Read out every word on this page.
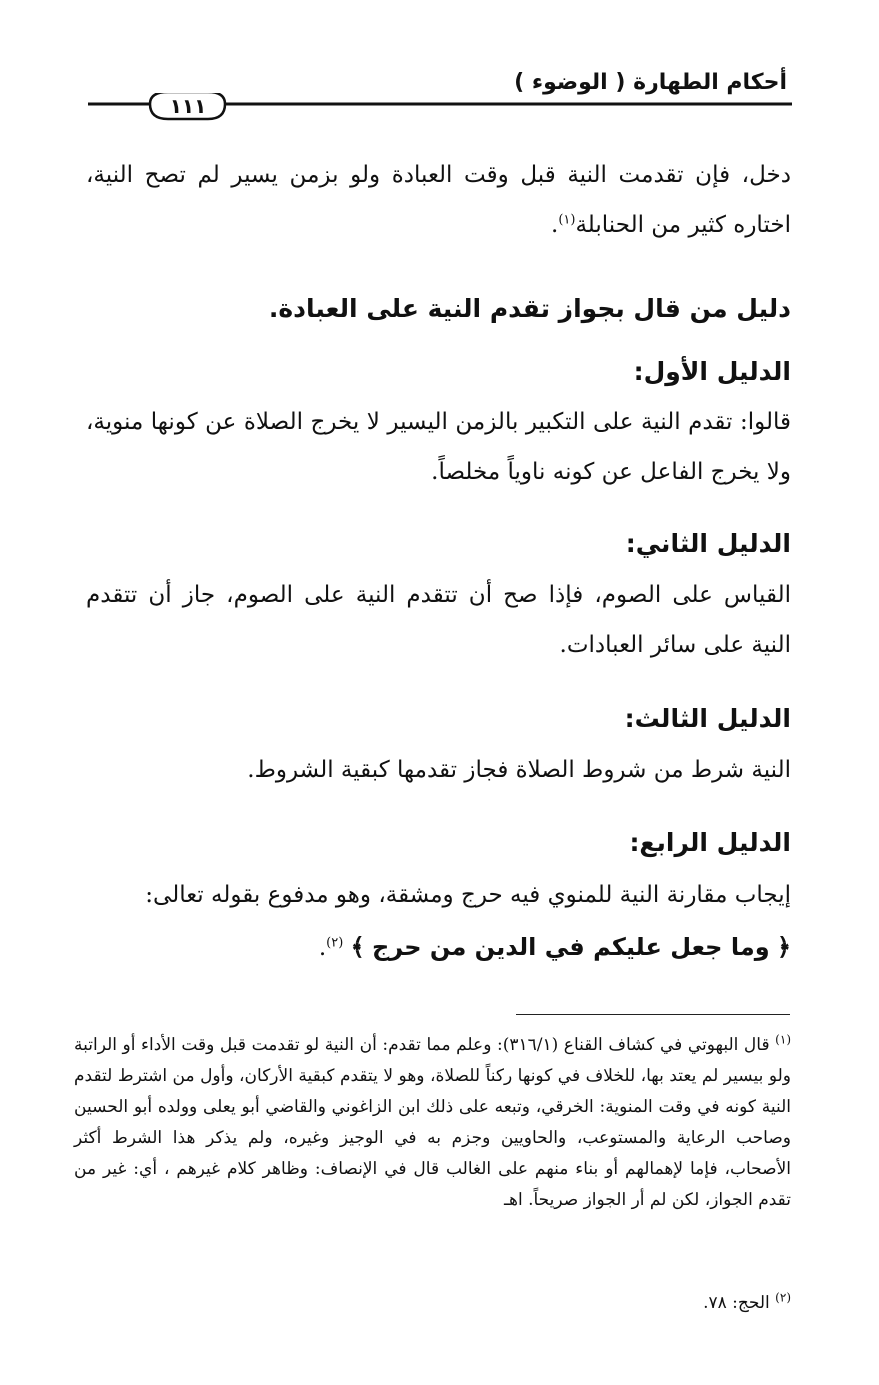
أحكام الطهارة ( الوضوء )
١١١
دخل، فإن تقدمت النية قبل وقت العبادة ولو بزمن يسير لم تصح النية، اختاره كثير من الحنابلة$^{(١)}$.
دليل من قال بجواز تقدم النية على العبادة.
الدليل الأول:
قالوا: تقدم النية على التكبير بالزمن اليسير لا يخرج الصلاة عن كونها منوية، ولا يخرج الفاعل عن كونه ناوياً مخلصاً.
الدليل الثاني:
القياس على الصوم، فإذا صح أن تتقدم النية على الصوم، جاز أن تتقدم النية على سائر العبادات.
الدليل الثالث:
النية شرط من شروط الصلاة فجاز تقدمها كبقية الشروط.
الدليل الرابع:
إيجاب مقارنة النية للمنوي فيه حرج ومشقة، وهو مدفوع بقوله تعالى:
﴿ وما جعل عليكم في الدين من حرج ﴾ $^{(٢)}$.
$^{(١)}$ قال البهوتي في كشاف القناع (٣١٦/١): وعلم مما تقدم: أن النية لو تقدمت قبل وقت الأداء أو الراتبة ولو بيسير لم يعتد بها، للخلاف في كونها ركناً للصلاة، وهو لا يتقدم كبقية الأركان، وأول من اشترط لتقدم النية كونه في وقت المنوية: الخرقي، وتبعه على ذلك ابن الزاغوني والقاضي أبو يعلى وولده أبو الحسين وصاحب الرعاية والمستوعب، والحاويين وجزم به في الوجيز وغيره، ولم يذكر هذا الشرط أكثر الأصحاب، فإما لإهمالهم أو بناء منهم على الغالب قال في الإنصاف: وظاهر كلام غيرهم ، أي: غير من تقدم الجواز، لكن لم أر الجواز صريحاً. اهـ
$^{(٢)}$ الحج: ٧٨.
